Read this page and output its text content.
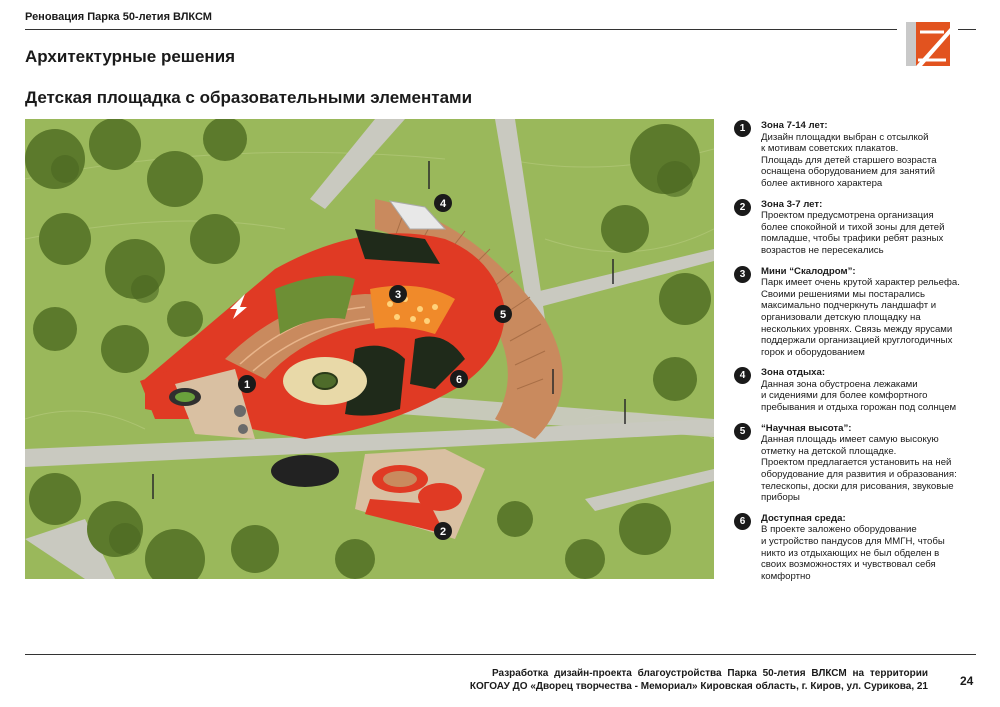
Реновация Парка 50-летия ВЛКСМ
Архитектурные решения
Детская площадка с образовательными элементами
1
2
3
4
5
6
1	Зона 7-14 лет:
Дизайн площадки выбран с отсылкой
к мотивам советских плакатов.
Площадь для детей старшего возраста
оснащена оборудованием для занятий
более активного характера
2	Зона 3-7 лет:
Проектом предусмотрена организация
более спокойной и тихой зоны для детей
помладше, чтобы трафики ребят разных
возрастов не пересекались
3	Мини “Скалодром”:
Парк имеет очень крутой характер рельефа.
Своими решениями мы постарались
максимально подчеркнуть ландшафт и
организовали детскую площадку на
нескольких уровнях. Связь между ярусами
поддержали организацией круглогодичных
горок и оборудованием
4	Зона отдыха:
Данная зона обустроена лежаками
и сидениями для более комфортного
пребывания и отдыха горожан под солнцем
5	“Научная высота”:
Данная площадь имеет самую высокую
отметку на детской площадке.
Проектом предлагается установить на ней
оборудование для развития и образования:
телескопы, доски для рисования, звуковые
приборы
6	Доступная среда:
В проекте заложено оборудование
и устройство пандусов для ММГН, чтобы
никто из отдыхающих не был обделен в
своих возможностях и чувствовал себя
комфортно
Разработка дизайн-проекта благоустройства Парка 50-летия ВЛКСМ на территории
КОГОАУ ДО «Дворец творчества - Мемориал» Кировская область, г. Киров, ул. Сурикова, 21	24
